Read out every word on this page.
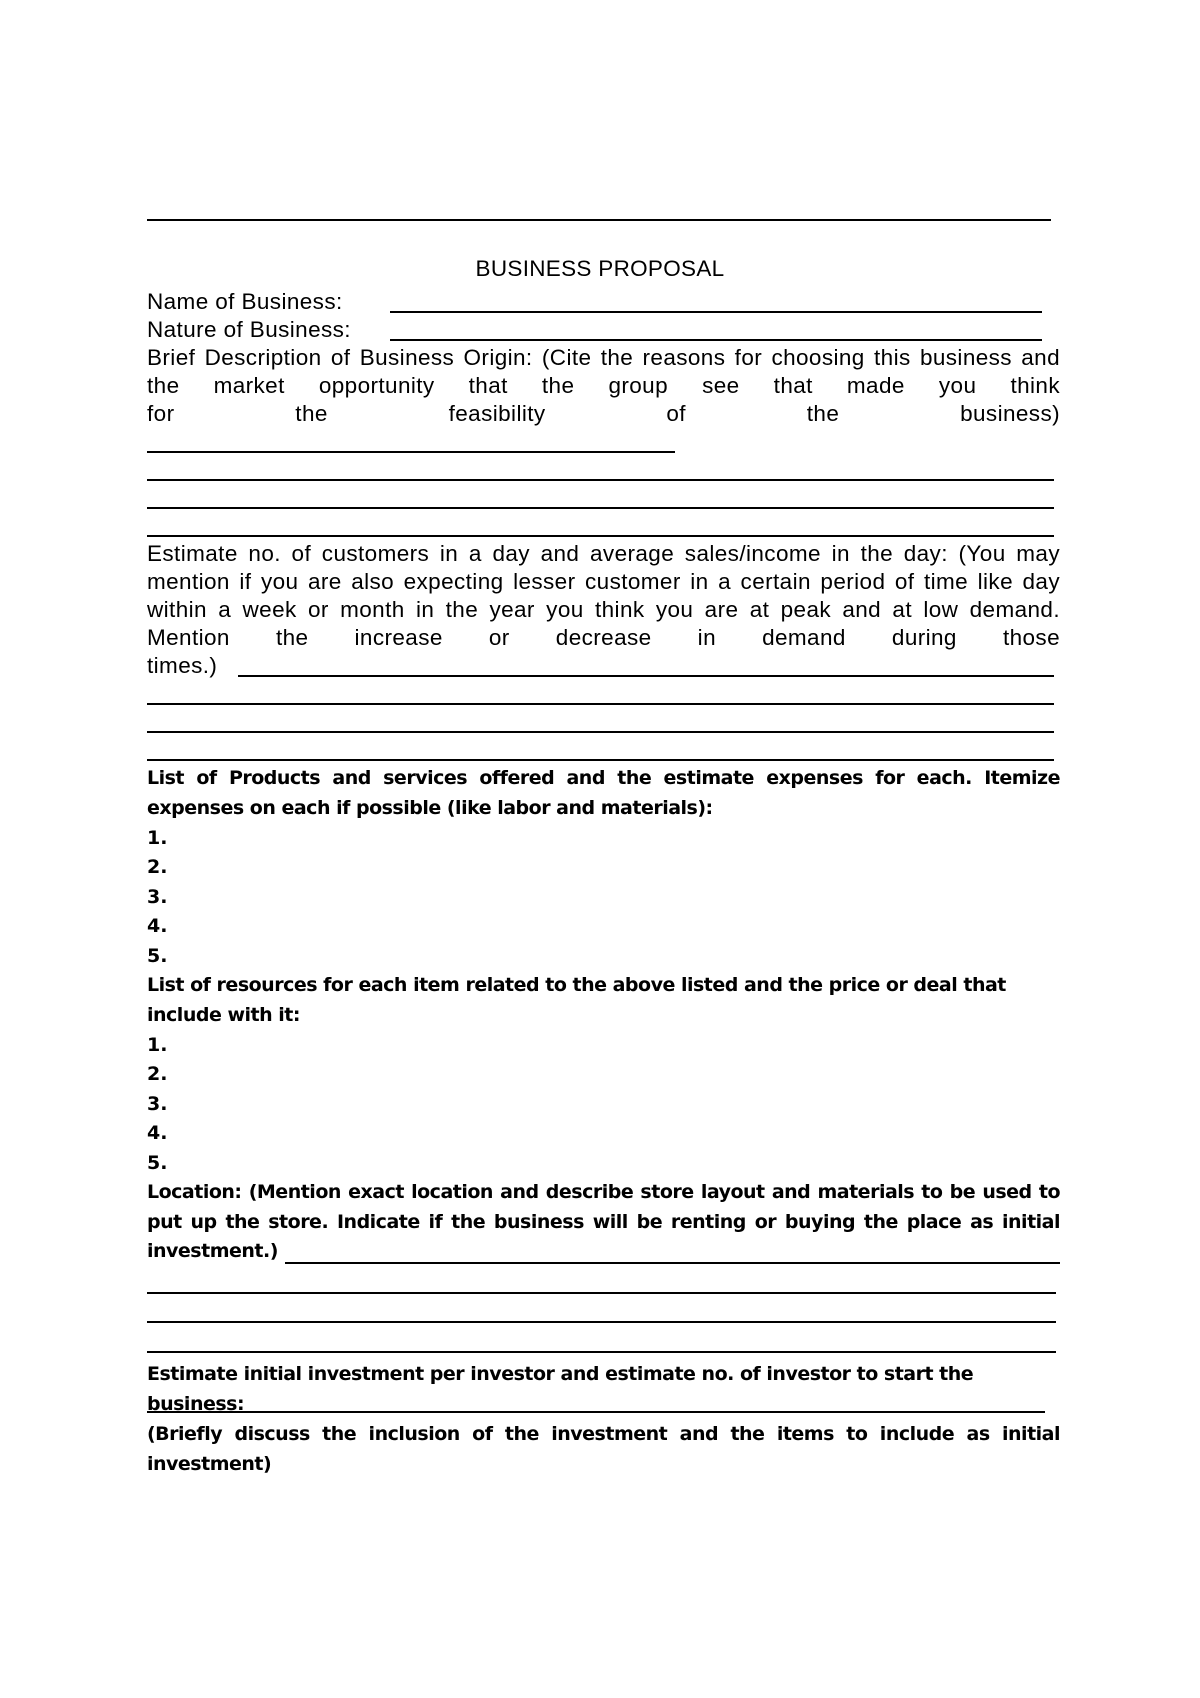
BUSINESS PROPOSAL
Name of Business:
Nature of Business:
Brief Description of Business Origin: (Cite the reasons for choosing this business and the market opportunity that the group see that made you think
for the feasibility of the business)
Estimate no. of customers in a day and average sales/income in the day: (You may mention if you are also expecting lesser customer in a certain period of time like day within a week or month in the year you think you are at peak and at low demand. Mention the increase or decrease in demand during those
times.)
List of Products and services offered and the estimate expenses for each. Itemize expenses on each if possible (like labor and materials):
1.
2.
3.
4.
5.
List of resources for each item related to the above listed and the price or deal that include with it:
1.
2.
3.
4.
5.
Location: (Mention exact location and describe store layout and materials to be used to put up the store. Indicate if the business will be renting or buying the place as initial
investment.)
Estimate initial investment per investor and estimate no. of investor to start the business:
(Briefly discuss the inclusion of the investment and the items to include as initial investment)
